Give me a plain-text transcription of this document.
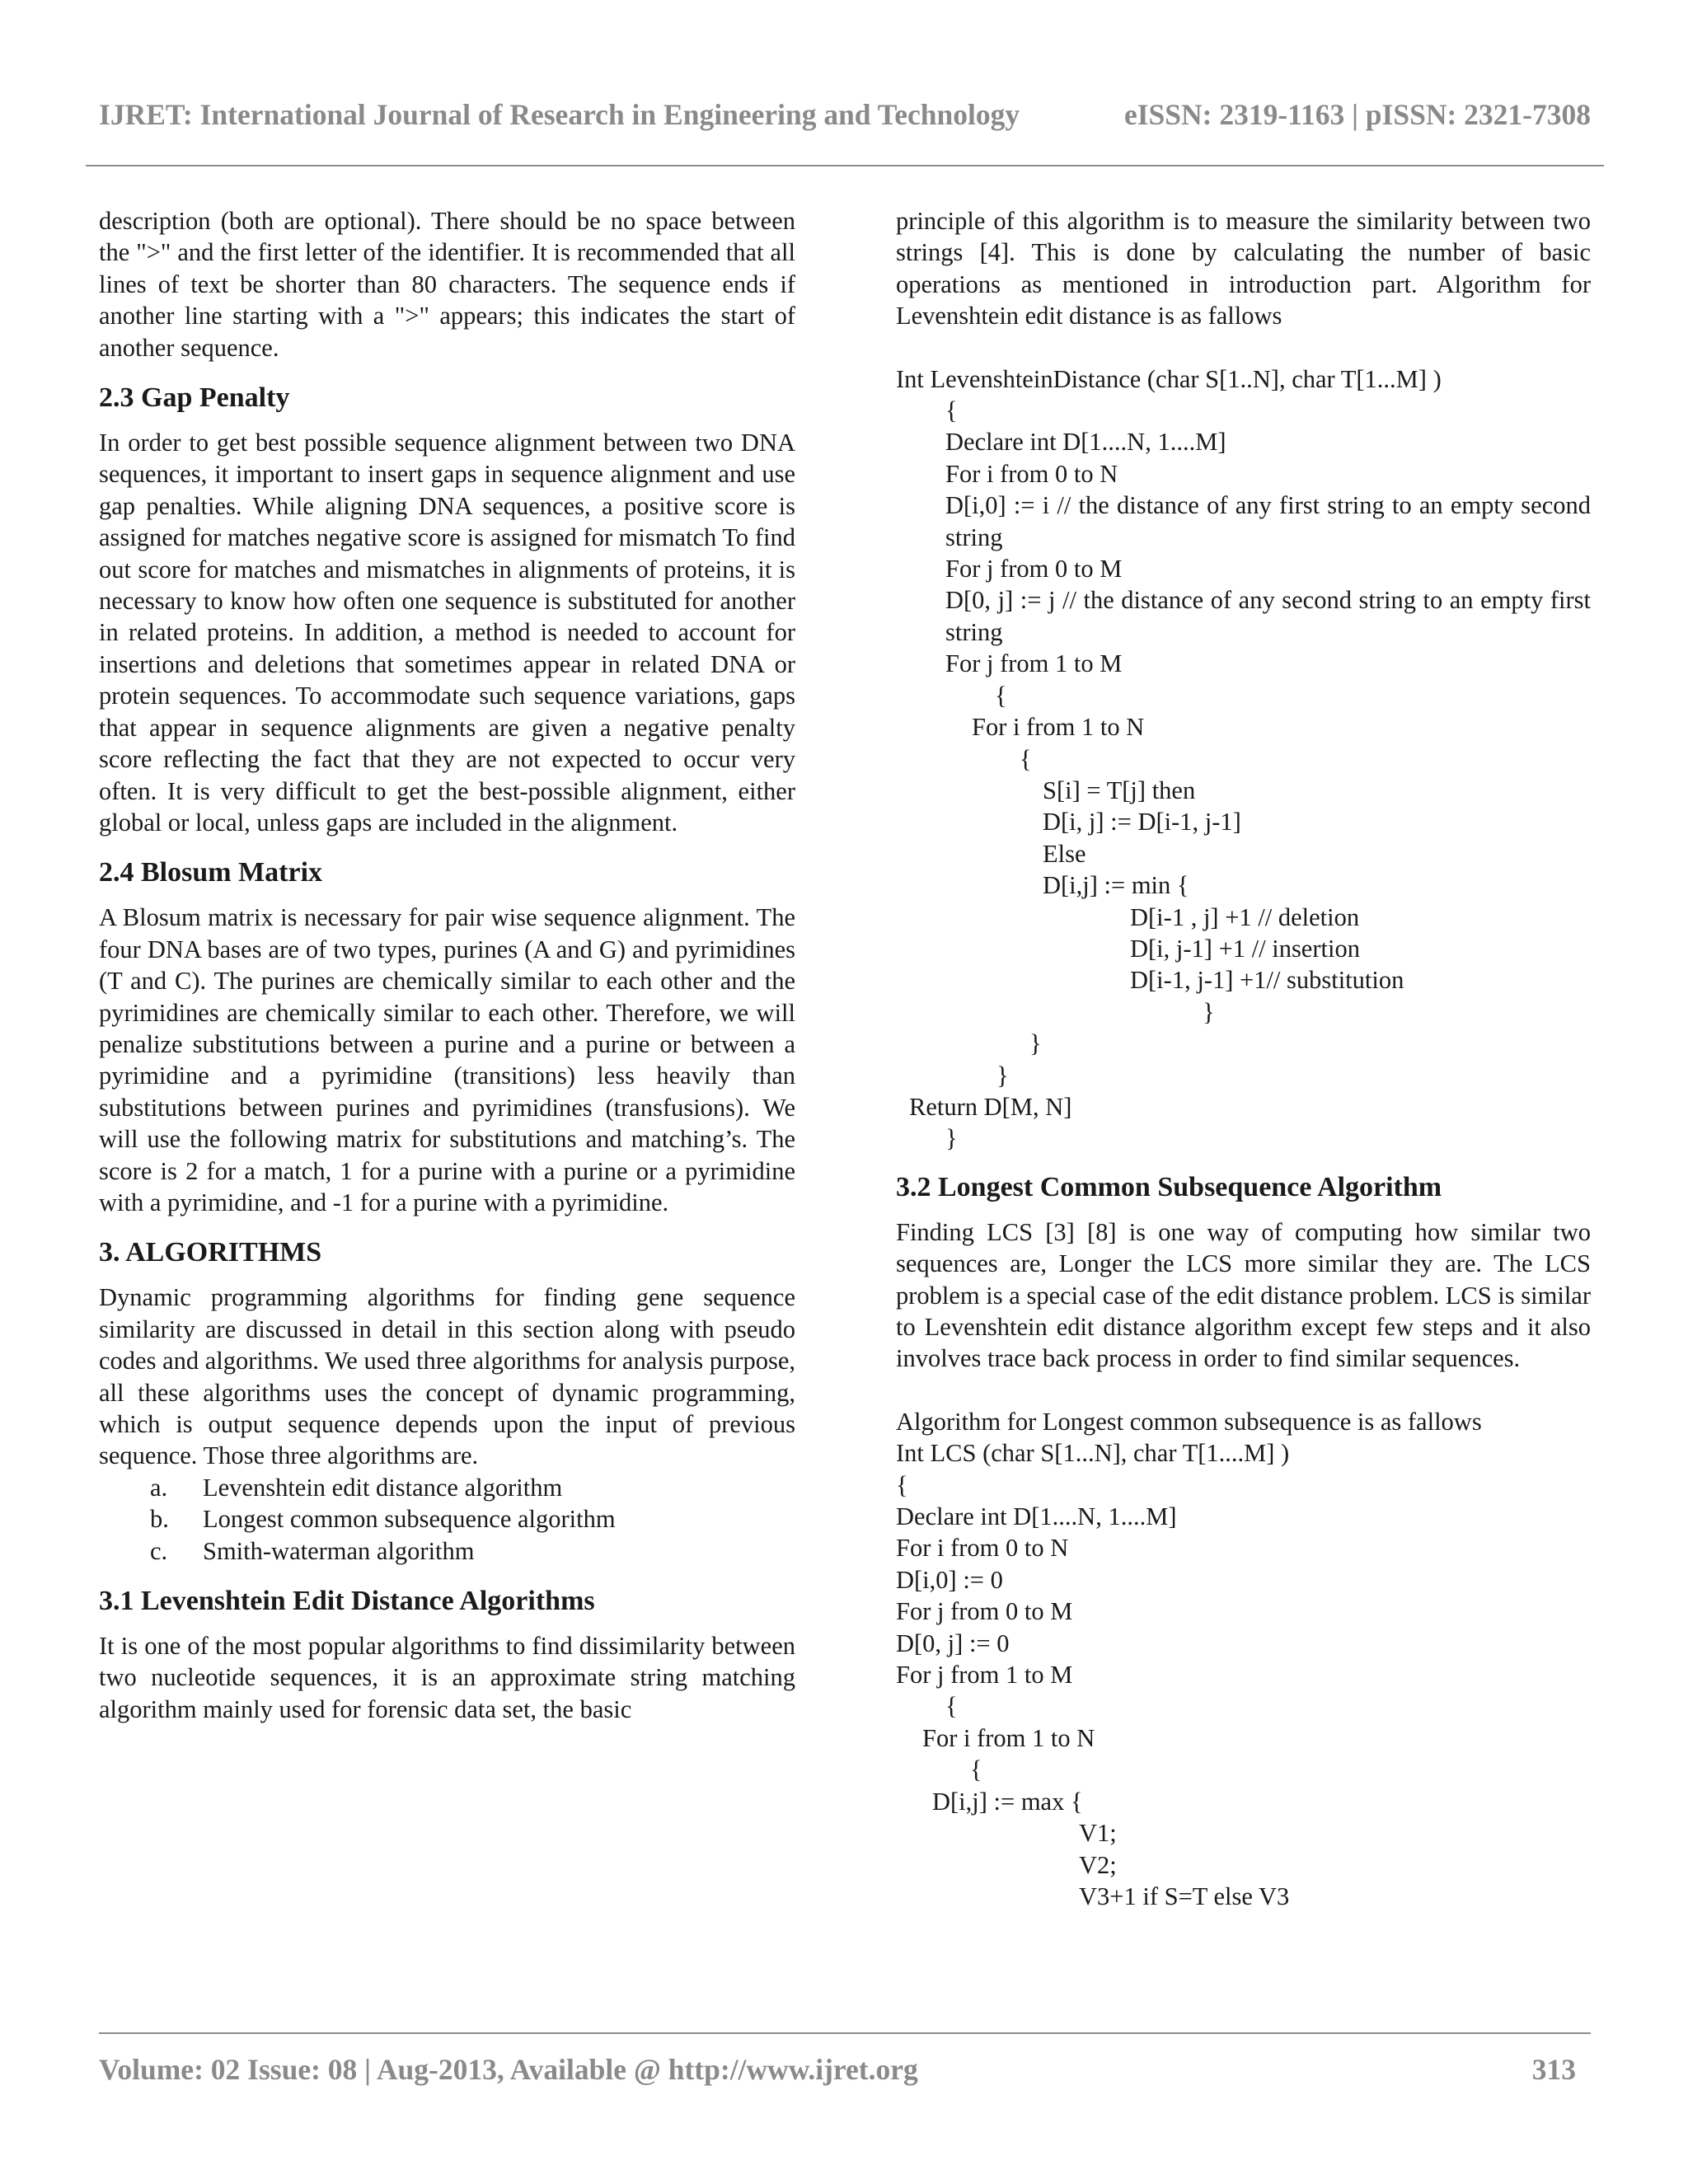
IJRET: International Journal of Research in Engineering and Technology	eISSN: 2319-1163 | pISSN: 2321-7308

description (both are optional). There should be no space between the ">" and the first letter of the identifier. It is recommended that all lines of text be shorter than 80 characters. The sequence ends if another line starting with a ">" appears; this indicates the start of another sequence.

2.3 Gap Penalty

In order to get best possible sequence alignment between two DNA sequences, it important to insert gaps in sequence alignment and use gap penalties. While aligning DNA sequences, a positive score is assigned for matches negative score is assigned for mismatch To find out score for matches and mismatches in alignments of proteins, it is necessary to know how often one sequence is substituted for another in related proteins. In addition, a method is needed to account for insertions and deletions that sometimes appear in related DNA or protein sequences. To accommodate such sequence variations, gaps that appear in sequence alignments are given a negative penalty score reflecting the fact that they are not expected to occur very often. It is very difficult to get the best-possible alignment, either global or local, unless gaps are included in the alignment.

2.4 Blosum Matrix

A Blosum matrix is necessary for pair wise sequence alignment. The four DNA bases are of two types, purines (A and G) and pyrimidines (T and C). The purines are chemically similar to each other and the pyrimidines are chemically similar to each other. Therefore, we will penalize substitutions between a purine and a purine or between a pyrimidine and a pyrimidine (transitions) less heavily than substitutions between purines and pyrimidines (transfusions). We will use the following matrix for substitutions and matching’s. The score is 2 for a match, 1 for a purine with a purine or a pyrimidine with a pyrimidine, and -1 for a purine with a pyrimidine.

3. ALGORITHMS

Dynamic programming algorithms for finding gene sequence similarity are discussed in detail in this section along with pseudo codes and algorithms. We used three algorithms for analysis purpose, all these algorithms uses the concept of dynamic programming, which is output sequence depends upon the input of previous sequence. Those three algorithms are.

a.	Levenshtein edit distance algorithm
b.	Longest common subsequence algorithm
c.	Smith-waterman algorithm
3.1 Levenshtein Edit Distance Algorithms

It is one of the most popular algorithms to find dissimilarity between two nucleotide sequences, it is an approximate string matching algorithm mainly used for forensic data set, the basic

principle of this algorithm is to measure the similarity between two strings [4]. This is done by calculating the number of basic operations as mentioned in introduction part. Algorithm for Levenshtein edit distance is as fallows

Int LevenshteinDistance (char S[1..N], char T[1...M] )
{
Declare int D[1....N, 1....M]
For i from 0 to N
D[i,0] := i // the distance of any first string to an empty second string
For j from 0 to M
D[0, j] := j // the distance of any second string to an empty first string
For j from 1 to M
{
For i from 1 to N
{
S[i] = T[j] then
D[i, j] := D[i-1, j-1]
Else
D[i,j] := min {
D[i-1 , j] +1 // deletion
D[i, j-1] +1 // insertion
D[i-1, j-1] +1// substitution
}
}
}
Return D[M, N]
}
3.2 Longest Common Subsequence Algorithm

Finding LCS [3] [8] is one way of computing how similar two sequences are, Longer the LCS more similar they are. The LCS problem is a special case of the edit distance problem. LCS is similar to Levenshtein edit distance algorithm except few steps and it also involves trace back process in order to find similar sequences.

Algorithm for Longest common subsequence is as fallows
Int LCS (char S[1...N], char T[1....M] )
{
Declare int D[1....N, 1....M]
For i from 0 to N
D[i,0] := 0
For j from 0 to M
D[0, j] := 0
For j from 1 to M
{
For i from 1 to N
{
D[i,j] := max {
V1;
V2;
V3+1 if S=T else V3
Volume: 02 Issue: 08 | Aug-2013, Available @ http://www.ijret.org	313
